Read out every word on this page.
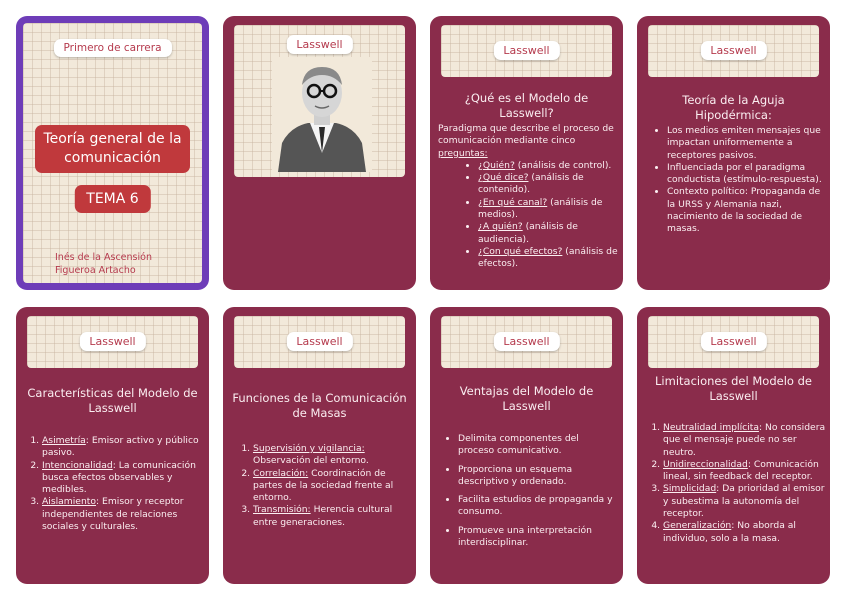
Primero de carrera
Teoría general de la comunicación
TEMA 6
Inés de la Ascensión
Figueroa Artacho
Lasswell	Lasswell
¿Qué es el Modelo de Lasswell?
Paradigma que describe el proceso de comunicación mediante cinco preguntas:
• ¿Quién? (análisis de control).
• ¿Qué dice? (análisis de contenido).
• ¿En qué canal? (análisis de medios).
• ¿A quién? (análisis de audiencia).
• ¿Con qué efectos? (análisis de efectos).
Lasswell
Teoría de la Aguja Hipodérmica:
• Los medios emiten mensajes que impactan uniformemente a receptores pasivos.
• Influenciada por el paradigma conductista (estímulo-respuesta).
• Contexto político: Propaganda de la URSS y Alemania nazi, nacimiento de la sociedad de masas.
Lasswell
Características del Modelo de Lasswell
1. Asimetría: Emisor activo y público pasivo.
2. Intencionalidad: La comunicación busca efectos observables y medibles.
3. Aislamiento: Emisor y receptor independientes de relaciones sociales y culturales.
Lasswell
Funciones de la Comunicación de Masas
1. Supervisión y vigilancia: Observación del entorno.
2. Correlación: Coordinación de partes de la sociedad frente al entorno.
3. Transmisión: Herencia cultural entre generaciones.
Lasswell
Ventajas del Modelo de Lasswell
• Delimita componentes del proceso comunicativo.
• Proporciona un esquema descriptivo y ordenado.
• Facilita estudios de propaganda y consumo.
• Promueve una interpretación interdisciplinar.
Lasswell
Limitaciones del Modelo de Lasswell
1. Neutralidad implícita: No considera que el mensaje puede no ser neutro.
2. Unidireccionalidad: Comunicación lineal, sin feedback del receptor.
3. Simplicidad: Da prioridad al emisor y subestima la autonomía del receptor.
4. Generalización: No aborda al individuo, solo a la masa.
